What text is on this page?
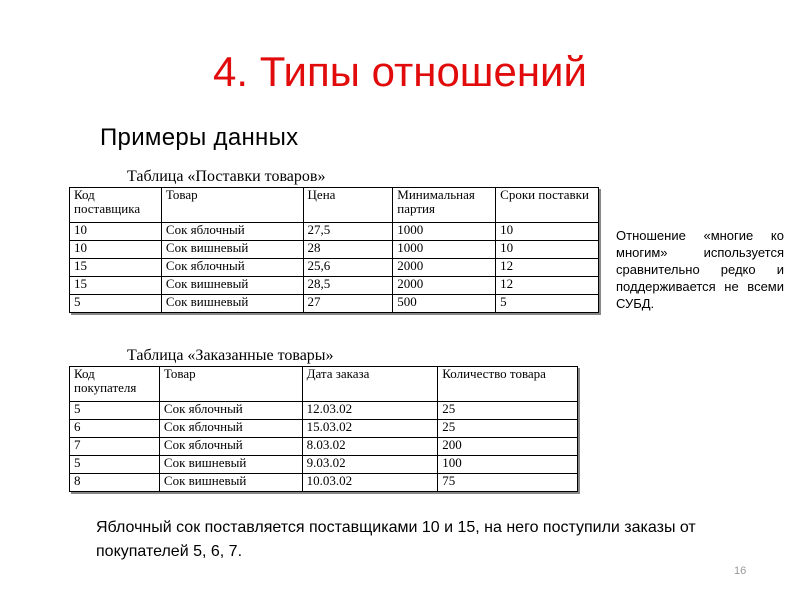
4. Типы отношений
Примеры данных
Таблица «Поставки товаров»
Код поставщика	Товар	Цена	Минимальная партия	Сроки поставки
10	Сок яблочный	27,5	1000	10
10	Сок вишневый	28	1000	10
15	Сок яблочный	25,6	2000	12
15	Сок вишневый	28,5	2000	12
5	Сок вишневый	27	500	5
Таблица «Заказанные товары»
Код покупателя	Товар	Дата заказа	Количество товара
5	Сок яблочный	12.03.02	25
6	Сок яблочный	15.03.02	25
7	Сок яблочный	8.03.02	200
5	Сок вишневый	9.03.02	100
8	Сок вишневый	10.03.02	75
Отношение «многие ко многим» используется сравнительно редко и поддерживается не всеми СУБД.
Яблочный сок поставляется поставщиками 10 и 15, на него поступили заказы от покупателей 5, 6, 7.
16
